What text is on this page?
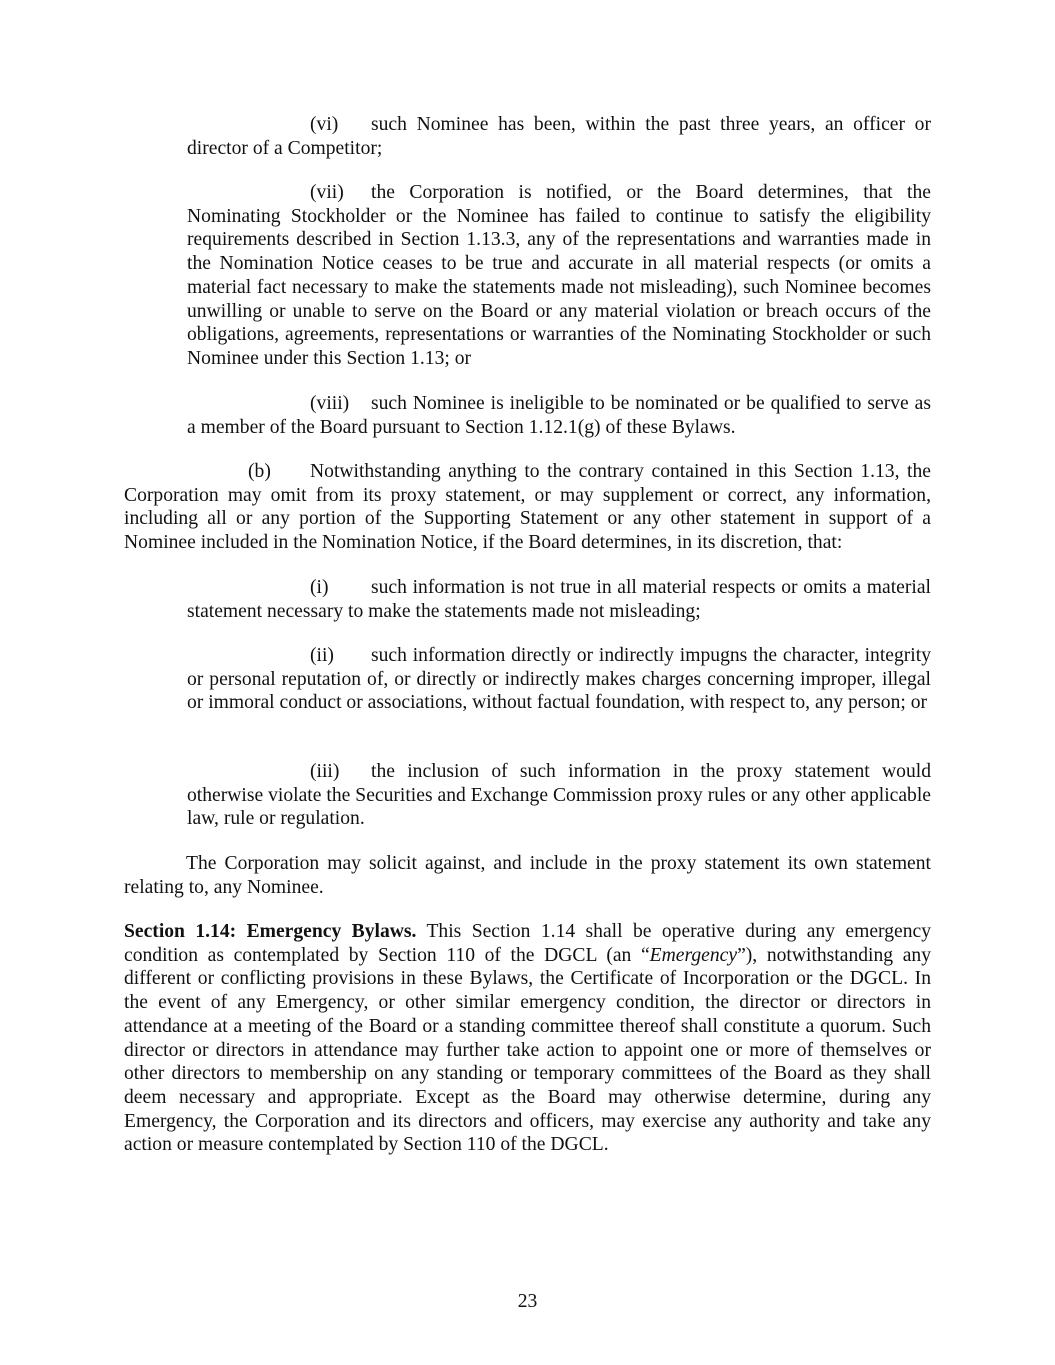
(vi) such Nominee has been, within the past three years, an officer or director of a Competitor;

(vii) the Corporation is notified, or the Board determines, that the Nominating Stockholder or the Nominee has failed to continue to satisfy the eligibility requirements described in Section 1.13.3, any of the representations and warranties made in the Nomination Notice ceases to be true and accurate in all material respects (or omits a material fact necessary to make the statements made not misleading), such Nominee becomes unwilling or unable to serve on the Board or any material violation or breach occurs of the obligations, agreements, representations or warranties of the Nominating Stockholder or such Nominee under this Section 1.13; or

(viii) such Nominee is ineligible to be nominated or be qualified to serve as a member of the Board pursuant to Section 1.12.1(g) of these Bylaws.

(b) Notwithstanding anything to the contrary contained in this Section 1.13, the Corporation may omit from its proxy statement, or may supplement or correct, any information, including all or any portion of the Supporting Statement or any other statement in support of a Nominee included in the Nomination Notice, if the Board determines, in its discretion, that:

(i) such information is not true in all material respects or omits a material statement necessary to make the statements made not misleading;

(ii) such information directly or indirectly impugns the character, integrity or personal reputation of, or directly or indirectly makes charges concerning improper, illegal or immoral conduct or associations, without factual foundation, with respect to, any person; or

(iii) the inclusion of such information in the proxy statement would otherwise violate the Securities and Exchange Commission proxy rules or any other applicable law, rule or regulation.

The Corporation may solicit against, and include in the proxy statement its own statement relating to, any Nominee.

Section 1.14: Emergency Bylaws. This Section 1.14 shall be operative during any emergency condition as contemplated by Section 110 of the DGCL (an “Emergency”), notwithstanding any different or conflicting provisions in these Bylaws, the Certificate of Incorporation or the DGCL. In the event of any Emergency, or other similar emergency condition, the director or directors in attendance at a meeting of the Board or a standing committee thereof shall constitute a quorum. Such director or directors in attendance may further take action to appoint one or more of themselves or other directors to membership on any standing or temporary committees of the Board as they shall deem necessary and appropriate. Except as the Board may otherwise determine, during any Emergency, the Corporation and its directors and officers, may exercise any authority and take any action or measure contemplated by Section 110 of the DGCL.

23
